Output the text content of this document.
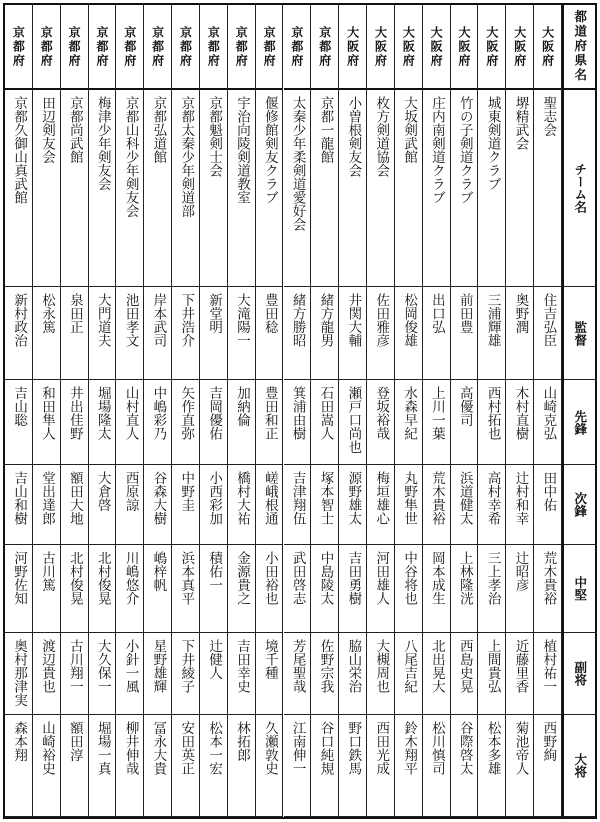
都道府県名
チーム名
監督
先鋒
次鋒
中堅
副将
大将
大阪府
聖志会
住吉弘臣
山崎克弘
田中佑
荒木貴裕
植村祐一
西野絢
大阪府
堺精武会
奥野潤
木村直樹
辻村和幸
辻昭彦
近藤里香
菊池帝人
大阪府
城東剣道クラブ
三浦輝雄
西村拓也
高村幸希
三上孝治
上間貴弘
松本多雄
大阪府
竹の子剣道クラブ
前田豊
高優司
浜道健太
上林隆洸
西島史晃
谷際啓太
大阪府
庄内南剣道クラブ
出口弘
上川一葉
荒木貴裕
岡本成生
北出晃大
松川慎司
大阪府
大坂剣武館
松岡俊雄
水森早紀
丸野隼世
中谷将也
八尾吉紀
鈴木翔平
大阪府
枚方剣道協会
佐田雅彦
登坂裕哉
梅垣雄心
河田雄人
大槻周也
西田光成
大阪府
小曽根剣友会
井関大輔
瀬戸口尚也
源野雄太
吉田勇樹
脇山栄治
野口鉄馬
京都府
京都一龍館
緒方龍男
石田嵩人
塚本智士
中島陵太
佐野宗我
谷口純規
京都府
太秦少年柔剣道愛好会
緒方勝昭
箕浦由樹
吉津翔伍
武田啓志
芳尾聖哉
江南伸一
京都府
偃修館剣友クラブ
豊田稔
豊田和正
嵯峨根通
小田裕也
境千種
久瀬敦史
京都府
宇治向陵剣道教室
大滝陽一
加納倫
橋村大祐
金源貴之
吉田幸史
林拓郎
京都府
京都魁剣士会
新堂明
吉岡優佑
小西彩加
積佑一
辻健人
松本一宏
京都府
京都太秦少年剣道部
下井浩介
矢作直弥
中野圭
浜本真平
下井綾子
安田英正
京都府
京都弘道館
岸本武司
中嶋彩乃
谷森大樹
嶋梓帆
星野雄輝
冨永大貴
京都府
京都山科少年剣友会
池田孝文
山村直人
西原諒
川嶋悠介
小針一風
柳井伸哉
京都府
梅津少年剣友会
大門道夫
堀場隆太
大倉啓
北村俊晃
大久保一
堀場一真
京都府
京都尚武館
泉田正
井出佳野
額田大地
北村俊晃
古川翔一
額田淳
京都府
田辺剣友会
松永篤
和田隼人
堂出達郎
古川篤
渡辺貴也
山崎裕史
京都府
京都久御山真武館
新村政治
吉山聡
吉山和樹
河野佐知
奥村那津実
森本翔
